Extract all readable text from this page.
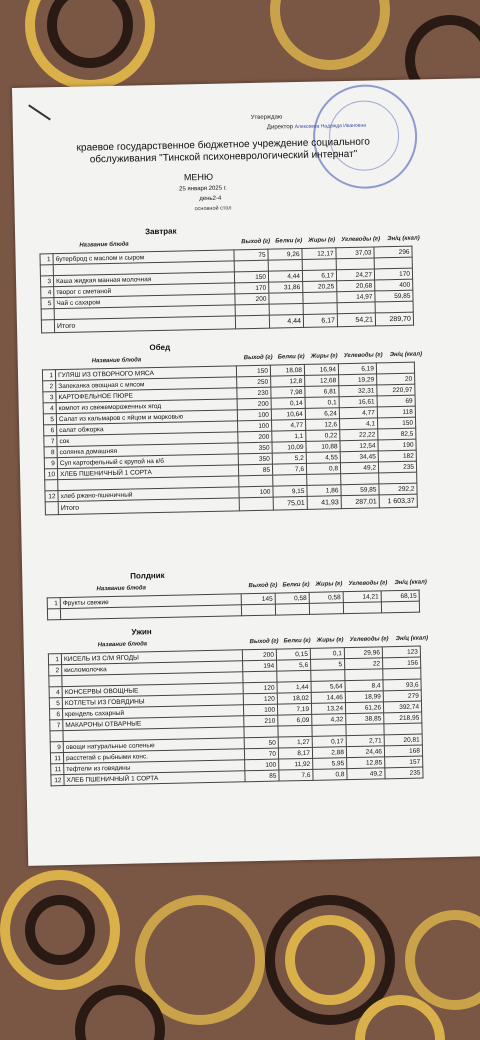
Утверждаю
Директор Алексеева Надежда Ивановна
краевое государственное бюджетное учреждение социального обслуживания "Тинской психоневрологический интернат"
МЕНЮ
25 января 2025 г.
день2-4
основной стол
Завтрак
Название блюда	Выход (г) Белки (г) Жиры (г) Углеводы (г) Эн/ц (ккал)
1	бутерброд с маслом и сыром	75	9,26	12,17	37,03	296

3	Каша жидкая манная молочная	150	4,44	6,17	24,27	170
4	творог с сметаной	170	31,86	20,25	20,68	400
5	Чай с сахаром	200			14,97	59,85

	Итого		4,44	6,17	54,21	289,70
Обед
Название блюда	Выход (г) Белки (г) Жиры (г) Углеводы (г) Эн/ц (ккал)
1	ГУЛЯШ ИЗ ОТВОРНОГО МЯСА	150	18,08	16,94	6,19	
2	Запеканка овощная с мясом	250	12,8	12,68	19,29	20
3	КАРТОФЕЛЬНОЕ ПЮРЕ	230	7,98	6,81	32,31	220,97
4	компот из свежемороженных ягод	200	0,14	0,1	16,61	69
5	Салат из кальмаров с яйцом и морковью	100	10,64	6,24	4,77	118
6	салат обжорка	100	4,77	12,6	4,1	150
7	сок	200	1,1	0,22	22,22	82,5
8	солянка домашняя	350	10,09	10,88	12,54	190
9	Суп картофельный с крупой на к/б	350	5,2	4,55	34,45	182
10	ХЛЕБ ПШЕНИЧНЫЙ 1 СОРТА	85	7,6	0,8	49,2	235

12	хлеб ржано-пшеничный	100	9,15	1,86	59,85	292,2
	Итого		75,01	41,93	287,01	1 603,37
Полдник
Название блюда	Выход (г) Белки (г) Жиры (г) Углеводы (г) Эн/ц (ккал)
1	Фрукты свежие	145	0,58	0,58	14,21	68,15

Ужин
Название блюда	Выход (г) Белки (г) Жиры (г) Углеводы (г) Эн/ц (ккал)
1	КИСЕЛЬ ИЗ С/М ЯГОДЫ	200	0,15	0,1	29,96	123
2	кисломолочка	194	5,6	5	22	156

4	КОНСЕРВЫ ОВОЩНЫЕ	120	1,44	5,64	8,4	93,6
5	КОТЛЕТЫ ИЗ ГОВЯДИНЫ	120	18,02	14,46	18,99	279
6	крендель сахарный	100	7,19	13,24	61,26	392,74
7	МАКАРОНЫ ОТВАРНЫЕ	210	6,09	4,32	38,85	218,95

9	овощи натуральные соленые	50	1,27	0,17	2,71	20,81
11	расстегай с рыбными конс.	70	8,17	2,88	24,46	168
11	тефтели из говядины	100	11,92	5,95	12,85	157
12	ХЛЕБ ПШЕНИЧНЫЙ 1 СОРТА	85	7,6	0,8	49,2	235
